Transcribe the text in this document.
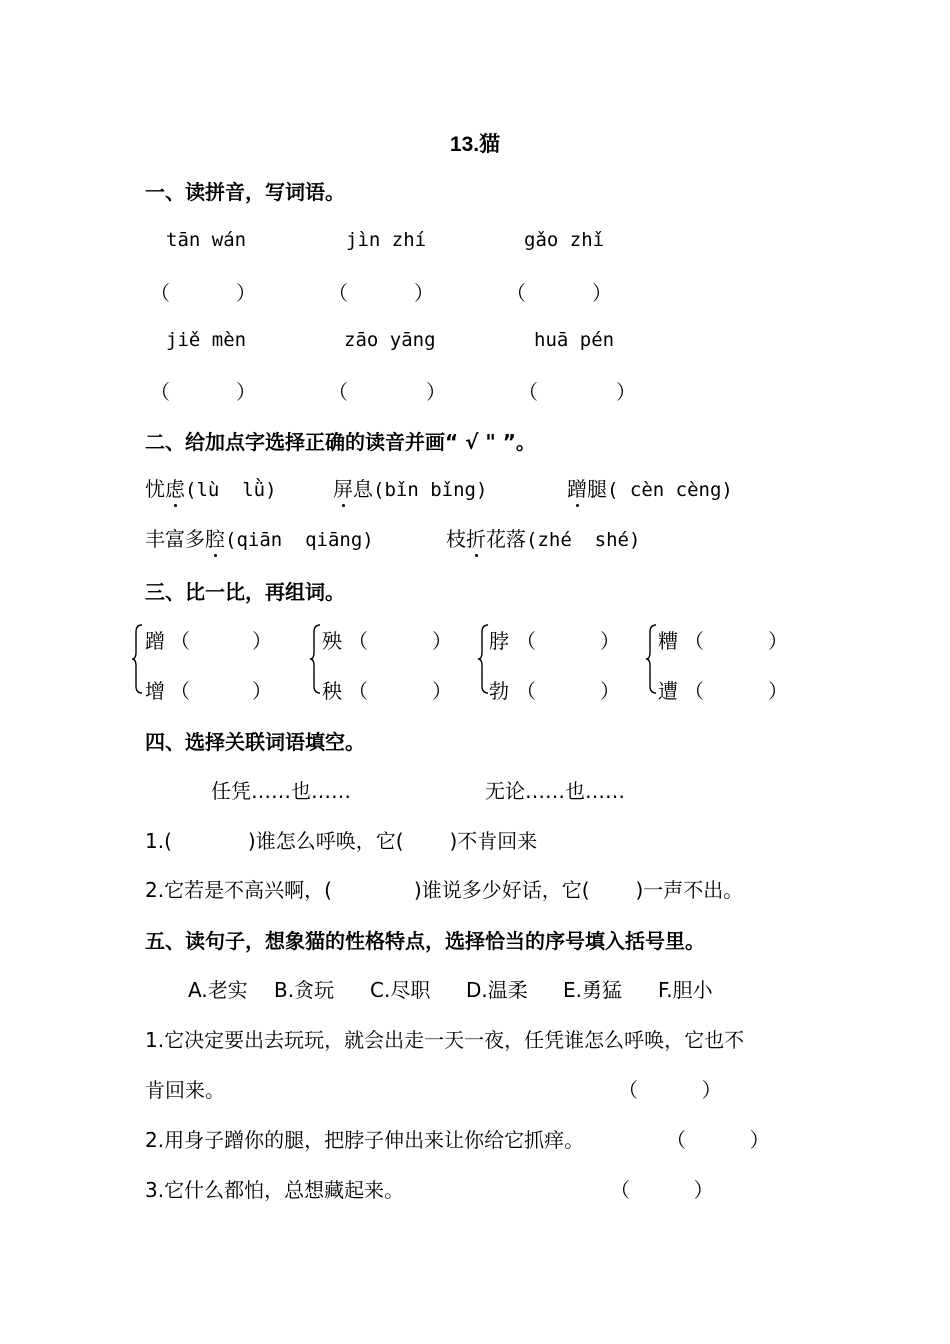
13.猫
一、读拼音，写词语。
tān wán	jìn zhí	gǎo zhǐ
（	）	（	）	（	）
jiě mèn	zāo yāng	huā pén
（	）	（	）	（	）
二、给加点字选择正确的读音并画“ √ " ”。
忧虑(lù  lǜ)	屏息(bǐn bǐng)	蹭腿( cèn cèng)
丰富多腔(qiān  qiāng)	枝折花落(zhé  shé)
三、比一比，再组词。
蹭 （	）
增 （	）
殃 （	）
秧 （	）
脖 （	）
勃 （	）
糟 （	）
遭 （	）
四、选择关联词语填空。
任凭……也……	无论……也……
1.(	)谁怎么呼唤，它( )不肯回来
2.它若是不高兴啊，(	)谁说多少好话，它( )一声不出。
五、读句子，想象猫的性格特点，选择恰当的序号填入括号里。
A.老实 B.贪玩 C.尽职 D.温柔 E.勇猛 F.胆小
1.它决定要出去玩玩，就会出走一天一夜，任凭谁怎么呼唤，它也不
肯回来。	（          ）
2.用身子蹭你的腿，把脖子伸出来让你给它抓痒。	（          ）
3.它什么都怕，总想藏起来。	（          ）
